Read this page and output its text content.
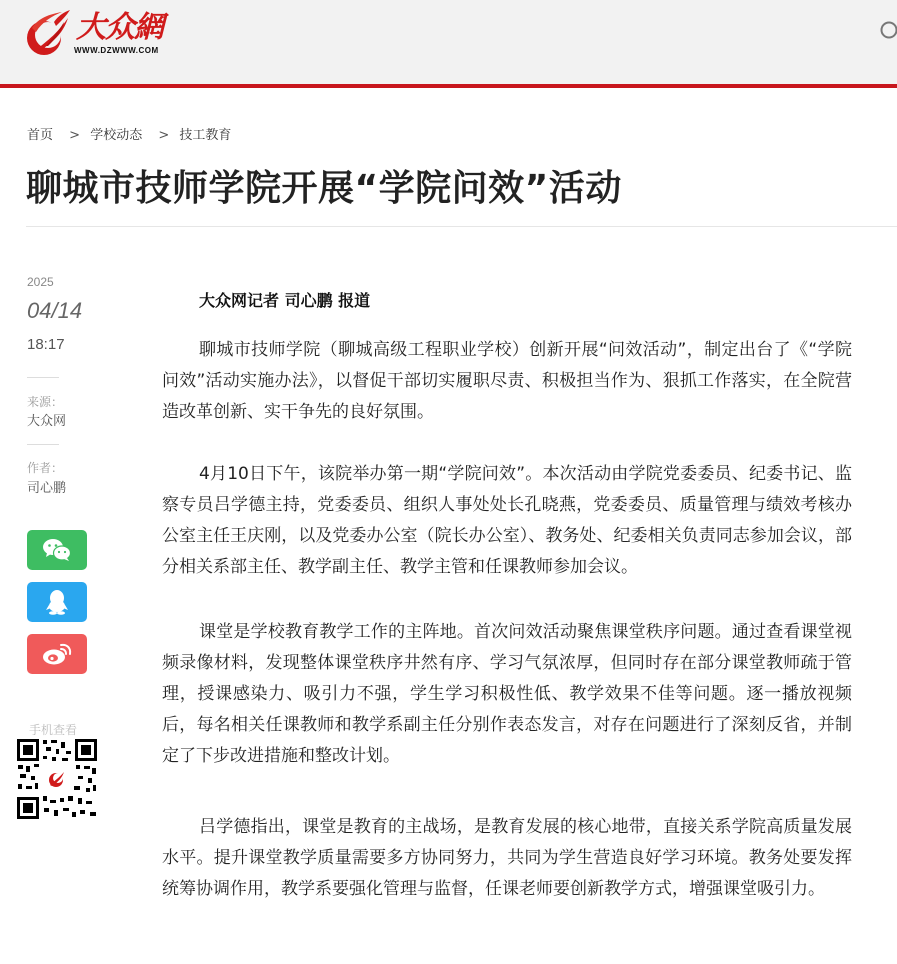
大众網
WWW.DZWWW.COM
首页 > 学校动态 > 技工教育
聊城市技师学院开展“学院问效”活动
2025
04/14
18:17
来源：
大众网
作者：
司心鹏
手机查看
大众网记者 司心鹏 报道

聊城市技师学院（聊城高级工程职业学校）创新开展“问效活动”，制定出台了《“学院问效”活动实施办法》，以督促干部切实履职尽责、积极担当作为、狠抓工作落实，在全院营造改革创新、实干争先的良好氛围。

4月10日下午，该院举办第一期“学院问效”。本次活动由学院党委委员、纪委书记、监察专员吕学德主持，党委委员、组织人事处处长孔晓燕，党委委员、质量管理与绩效考核办公室主任王庆刚，以及党委办公室（院长办公室）、教务处、纪委相关负责同志参加会议，部分相关系部主任、教学副主任、教学主管和任课教师参加会议。

课堂是学校教育教学工作的主阵地。首次问效活动聚焦课堂秩序问题。通过查看课堂视频录像材料，发现整体课堂秩序井然有序、学习气氛浓厚，但同时存在部分课堂教师疏于管理，授课感染力、吸引力不强，学生学习积极性低、教学效果不佳等问题。逐一播放视频后，每名相关任课教师和教学系副主任分别作表态发言，对存在问题进行了深刻反省，并制定了下步改进措施和整改计划。

吕学德指出，课堂是教育的主战场，是教育发展的核心地带，直接关系学院高质量发展水平。提升课堂教学质量需要多方协同努力，共同为学生营造良好学习环境。教务处要发挥统筹协调作用，教学系要强化管理与监督，任课老师要创新教学方式，增强课堂吸引力。
